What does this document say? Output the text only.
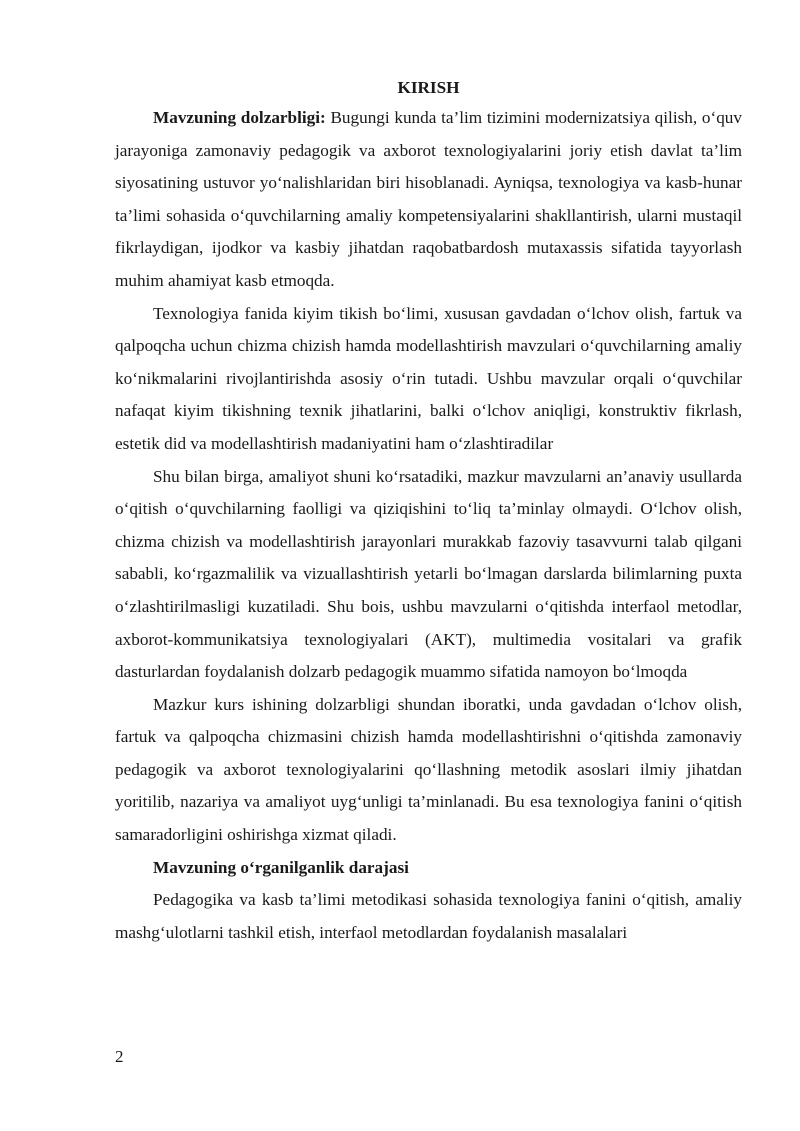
KIRISH

Mavzuning dolzarbligi: Bugungi kunda ta’lim tizimini modernizatsiya qilish, o‘quv jarayoniga zamonaviy pedagogik va axborot texnologiyalarini joriy etish davlat ta’lim siyosatining ustuvor yo‘nalishlaridan biri hisoblanadi. Ayniqsa, texnologiya va kasb-hunar ta’limi sohasida o‘quvchilarning amaliy kompetensiyalarini shakllantirish, ularni mustaqil fikrlaydigan, ijodkor va kasbiy jihatdan raqobatbardosh mutaxassis sifatida tayyorlash muhim ahamiyat kasb etmoqda.

Texnologiya fanida kiyim tikish bo‘limi, xususan gavdadan o‘lchov olish, fartuk va qalpoqcha uchun chizma chizish hamda modellashtirish mavzulari o‘quvchilarning amaliy ko‘nikmalarini rivojlantirishda asosiy o‘rin tutadi. Ushbu mavzular orqali o‘quvchilar nafaqat kiyim tikishning texnik jihatlarini, balki o‘lchov aniqligi, konstruktiv fikrlash, estetik did va modellashtirish madaniyatini ham o‘zlashtiradilar

Shu bilan birga, amaliyot shuni ko‘rsatadiki, mazkur mavzularni an’anaviy usullarda o‘qitish o‘quvchilarning faolligi va qiziqishini to‘liq ta’minlay olmaydi. O‘lchov olish, chizma chizish va modellashtirish jarayonlari murakkab fazoviy tasavvurni talab qilgani sababli, ko‘rgazmalilik va vizuallashtirish yetarli bo‘lmagan darslarda bilimlarning puxta o‘zlashtirilmasligi kuzatiladi. Shu bois, ushbu mavzularni o‘qitishda interfaol metodlar, axborot-kommunikatsiya texnologiyalari (AKT), multimedia vositalari va grafik dasturlardan foydalanish dolzarb pedagogik muammo sifatida namoyon bo‘lmoqda

Mazkur kurs ishining dolzarbligi shundan iboratki, unda gavdadan o‘lchov olish, fartuk va qalpoqcha chizmasini chizish hamda modellashtirishni o‘qitishda zamonaviy pedagogik va axborot texnologiyalarini qo‘llashning metodik asoslari ilmiy jihatdan yoritilib, nazariya va amaliyot uyg‘unligi ta’minlanadi. Bu esa texnologiya fanini o‘qitish samaradorligini oshirishga xizmat qiladi.

Mavzuning o‘rganilganlik darajasi

Pedagogika va kasb ta’limi metodikasi sohasida texnologiya fanini o‘qitish, amaliy mashg‘ulotlarni tashkil etish, interfaol metodlardan foydalanish masalalari

2
